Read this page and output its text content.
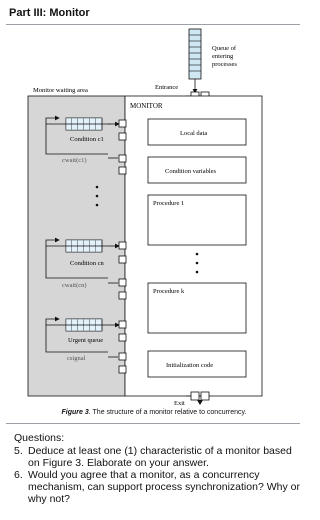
Part III: Monitor
Queue of
entering
processes
Entrance
Monitor waiting area
MONITOR
Condition c1
cwait(c1)
Condition cn
cwait(cn)
Urgent queue
csignal
Local data
Condition variables
Procedure 1
Procedure k
Initialization code
Exit
Figure 3. The structure of a monitor relative to concurrency.
Questions:
5. Deduce at least one (1) characteristic of a monitor based on Figure 3. Elaborate on your answer.
6. Would you agree that a monitor, as a concurrency mechanism, can support process synchronization? Why or why not?
